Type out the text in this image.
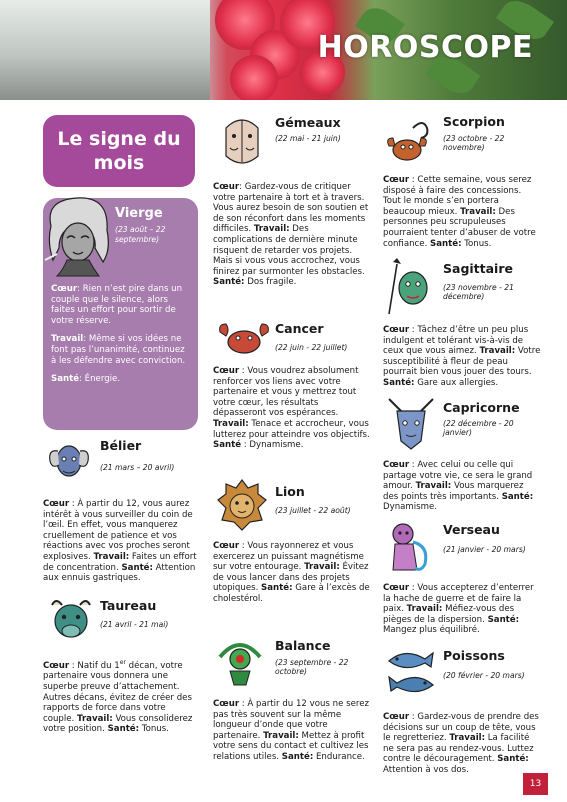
HOROSCOPE
Le signe du mois
Vierge
(23 août – 22 septembre)

Cœur: Rien n’est pire dans un couple que le silence, alors faites un effort pour sortir de votre réserve.

Travail: Même si vos idées ne font pas l’unanimité, continuez à les défendre avec conviction.

Santé: Énergie.

Bélier
(21 mars – 20 avril)
Cœur : À partir du 12, vous aurez intérêt à vous surveiller du coin de l’œil. En effet, vous manquerez cruellement de patience et vos réactions avec vos proches seront explosives. Travail: Faites un effort de concentration. Santé: Attention aux ennuis gastriques.
Taureau
(21 avril - 21 mai)
Cœur : Natif du 1er décan, votre partenaire vous donnera une superbe preuve d’attachement. Autres décans, évitez de créer des rapports de force dans votre couple. Travail: Vous consoliderez votre position. Santé: Tonus.
Gémeaux
(22 mai - 21 juin)
Cœur: Gardez-vous de critiquer votre partenaire à tort et à travers. Vous aurez besoin de son soutien et de son réconfort dans les moments difficiles. Travail: Des complications de dernière minute risquent de retarder vos projets. Mais si vous vous accrochez, vous finirez par surmonter les obstacles. Santé: Dos fragile.
Cancer
(22 juin - 22 juillet)
Cœur : Vous voudrez absolument renforcer vos liens avec votre partenaire et vous y mettrez tout votre cœur, les résultats dépasseront vos espérances. Travail: Tenace et accrocheur, vous lutterez pour atteindre vos objectifs. Santé : Dynamisme.
Lion
(23 juillet - 22 août)
Cœur : Vous rayonnerez et vous exercerez un puissant magnétisme sur votre entourage. Travail: Évitez de vous lancer dans des projets utopiques. Santé: Gare à l’excès de cholestérol.
Balance
(23 septembre - 22 octobre)
Cœur : À partir du 12 vous ne serez pas très souvent sur la même longueur d’onde que votre partenaire. Travail: Mettez à profit votre sens du contact et cultivez les relations utiles. Santé: Endurance.
Scorpion
(23 octobre - 22 novembre)
Cœur : Cette semaine, vous serez disposé à faire des concessions. Tout le monde s’en portera beaucoup mieux. Travail: Des personnes peu scrupuleuses pourraient tenter d’abuser de votre confiance. Santé: Tonus.
Sagittaire
(23 novembre - 21 décembre)
Cœur : Tâchez d’être un peu plus indulgent et tolérant vis-à-vis de ceux que vous aimez. Travail: Votre susceptibilité à fleur de peau pourrait bien vous jouer des tours. Santé: Gare aux allergies.
Capricorne
(22 décembre - 20 janvier)
Cœur : Avec celui ou celle qui partage votre vie, ce sera le grand amour. Travail: Vous marquerez des points très importants. Santé: Dynamisme.
Verseau
(21 janvier - 20 mars)
Cœur : Vous accepterez d’enterrer la hache de guerre et de faire la paix. Travail: Méfiez-vous des pièges de la dispersion. Santé: Mangez plus équilibré.
Poissons
(20 février - 20 mars)
Cœur : Gardez-vous de prendre des décisions sur un coup de tête, vous le regretteriez. Travail: La facilité ne sera pas au rendez-vous. Luttez contre le découragement. Santé: Attention à vos dos.
13
